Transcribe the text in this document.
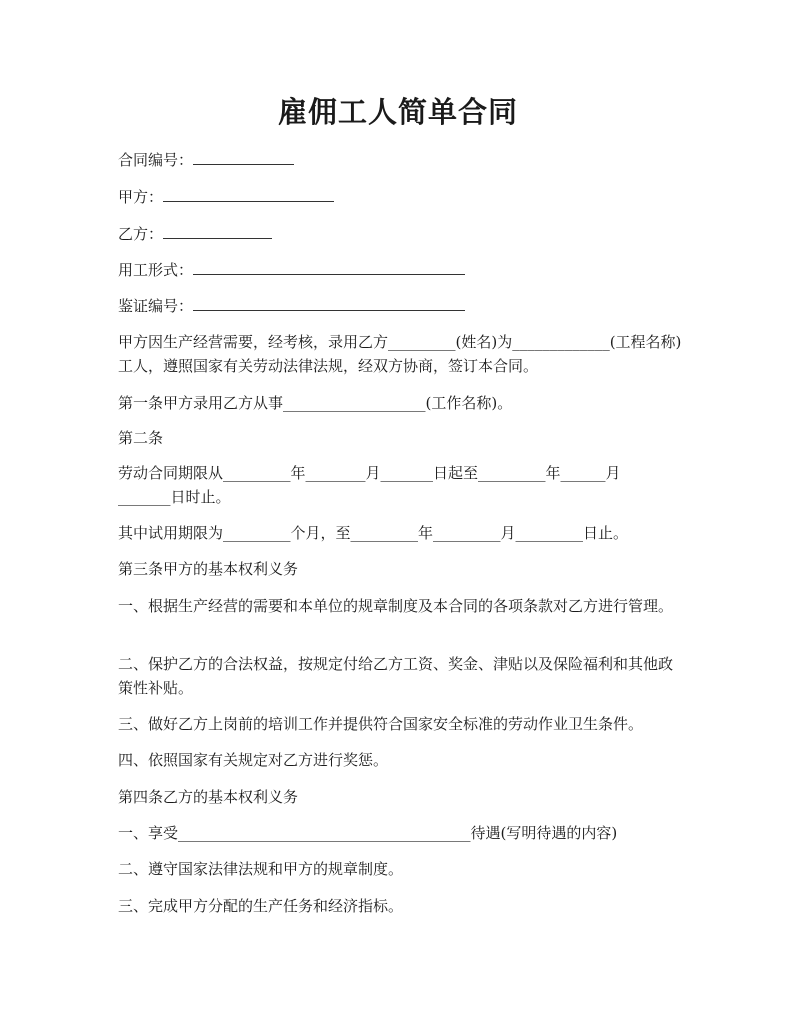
雇佣工人简单合同
合同编号：
甲方：
乙方：
用工形式：
鉴证编号：
甲方因生产经营需要，经考核，录用乙方_________(姓名)为_____________(工程名称)工人，遵照国家有关劳动法律法规，经双方协商，签订本合同。
第一条甲方录用乙方从事___________________(工作名称)。
第二条
劳动合同期限从_________年________月_______日起至_________年______月
_______日时止。
其中试用期限为_________个月，至_________年_________月_________日止。
第三条甲方的基本权利义务
一、根据生产经营的需要和本单位的规章制度及本合同的各项条款对乙方进行管理。
二、保护乙方的合法权益，按规定付给乙方工资、奖金、津贴以及保险福利和其他政策性补贴。
三、做好乙方上岗前的培训工作并提供符合国家安全标准的劳动作业卫生条件。
四、依照国家有关规定对乙方进行奖惩。
第四条乙方的基本权利义务
一、享受_______________________________________待遇(写明待遇的内容)
二、遵守国家法律法规和甲方的规章制度。
三、完成甲方分配的生产任务和经济指标。
